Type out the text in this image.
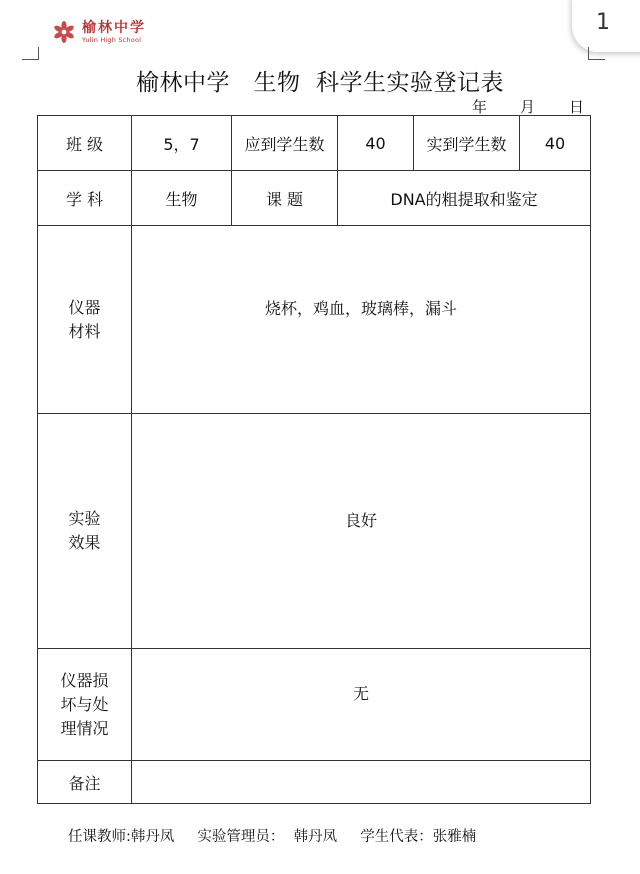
榆林中学
Yulin High School
1
榆林中学　生物  科学生实验登记表
年 月 日
班 级	5，7	应到学生数	40	实到学生数	40
学 科	生物	课 题	DNA的粗提取和鉴定		

仪器
材料	烧杯，鸡血，玻璃棒，漏斗				

实验
效果	良好				

仪器损
坏与处
理情况	无				

备注					
任课教师:韩丹凤     实验管理员：  韩丹凤     学生代表：张雅楠
